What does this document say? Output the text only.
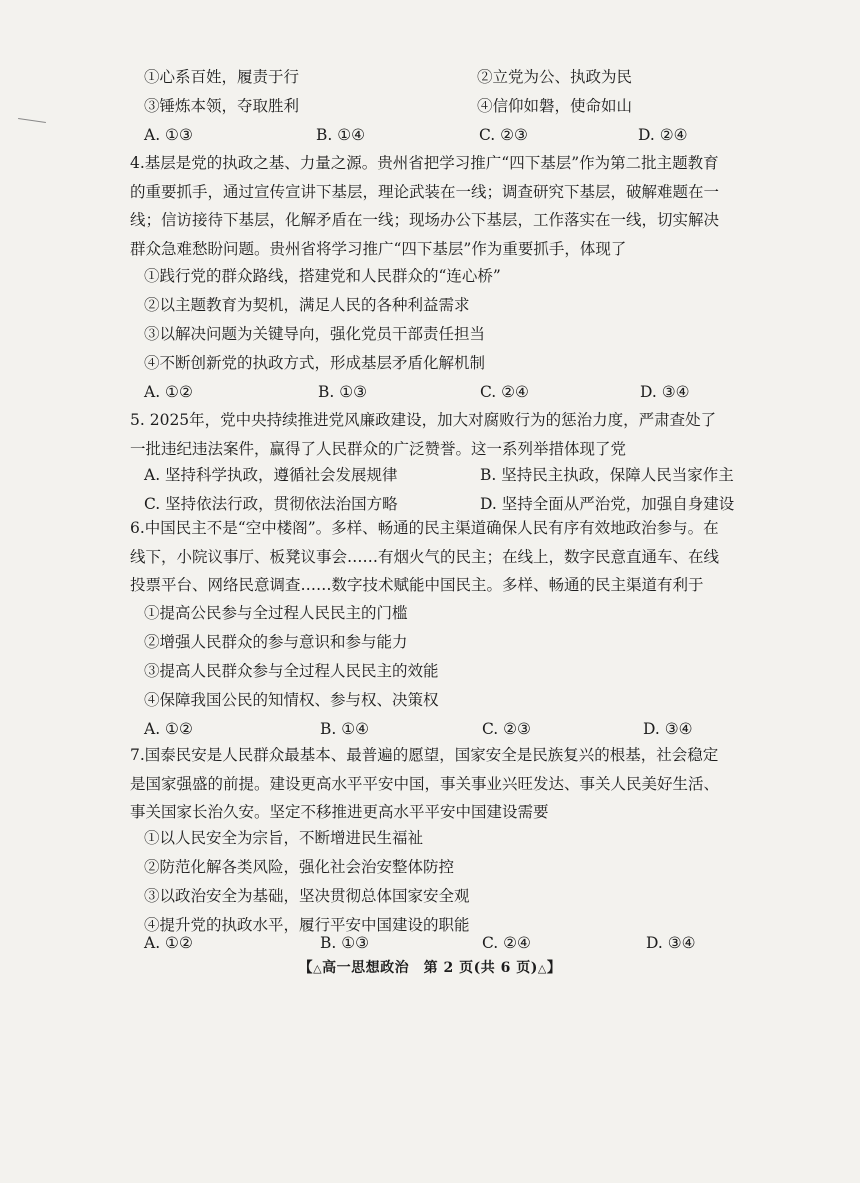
①心系百姓，履责于行	②立党为公、执政为民
③锤炼本领，夺取胜利	④信仰如磐，使命如山
A. ①③	B. ①④	C. ②③	D. ②④
4.基层是党的执政之基、力量之源。贵州省把学习推广“四下基层”作为第二批主题教育的重要抓手，通过宣传宣讲下基层，理论武装在一线；调查研究下基层，破解难题在一线；信访接待下基层，化解矛盾在一线；现场办公下基层，工作落实在一线，切实解决群众急难愁盼问题。贵州省将学习推广“四下基层”作为重要抓手，体现了
①践行党的群众路线，搭建党和人民群众的“连心桥”
②以主题教育为契机，满足人民的各种利益需求
③以解决问题为关键导向，强化党员干部责任担当
④不断创新党的执政方式，形成基层矛盾化解机制
A. ①②	B. ①③	C. ②④	D. ③④
5. 2025年，党中央持续推进党风廉政建设，加大对腐败行为的惩治力度，严肃查处了一批违纪违法案件，赢得了人民群众的广泛赞誉。这一系列举措体现了党
A. 坚持科学执政，遵循社会发展规律	B. 坚持民主执政，保障人民当家作主
C. 坚持依法行政，贯彻依法治国方略	D. 坚持全面从严治党，加强自身建设
6.中国民主不是“空中楼阁”。多样、畅通的民主渠道确保人民有序有效地政治参与。在线下，小院议事厅、板凳议事会……有烟火气的民主；在线上，数字民意直通车、在线投票平台、网络民意调查……数字技术赋能中国民主。多样、畅通的民主渠道有利于
①提高公民参与全过程人民民主的门槛
②增强人民群众的参与意识和参与能力
③提高人民群众参与全过程人民民主的效能
④保障我国公民的知情权、参与权、决策权
A. ①②	B. ①④	C. ②③	D. ③④
7.国泰民安是人民群众最基本、最普遍的愿望，国家安全是民族复兴的根基，社会稳定是国家强盛的前提。建设更高水平平安中国，事关事业兴旺发达、事关人民美好生活、事关国家长治久安。坚定不移推进更高水平平安中国建设需要
①以人民安全为宗旨，不断增进民生福祉
②防范化解各类风险，强化社会治安整体防控
③以政治安全为基础，坚决贯彻总体国家安全观
④提升党的执政水平，履行平安中国建设的职能
A. ①②	B. ①③	C. ②④	D. ③④
【△高一思想政治　第 2 页(共 6 页)△】
